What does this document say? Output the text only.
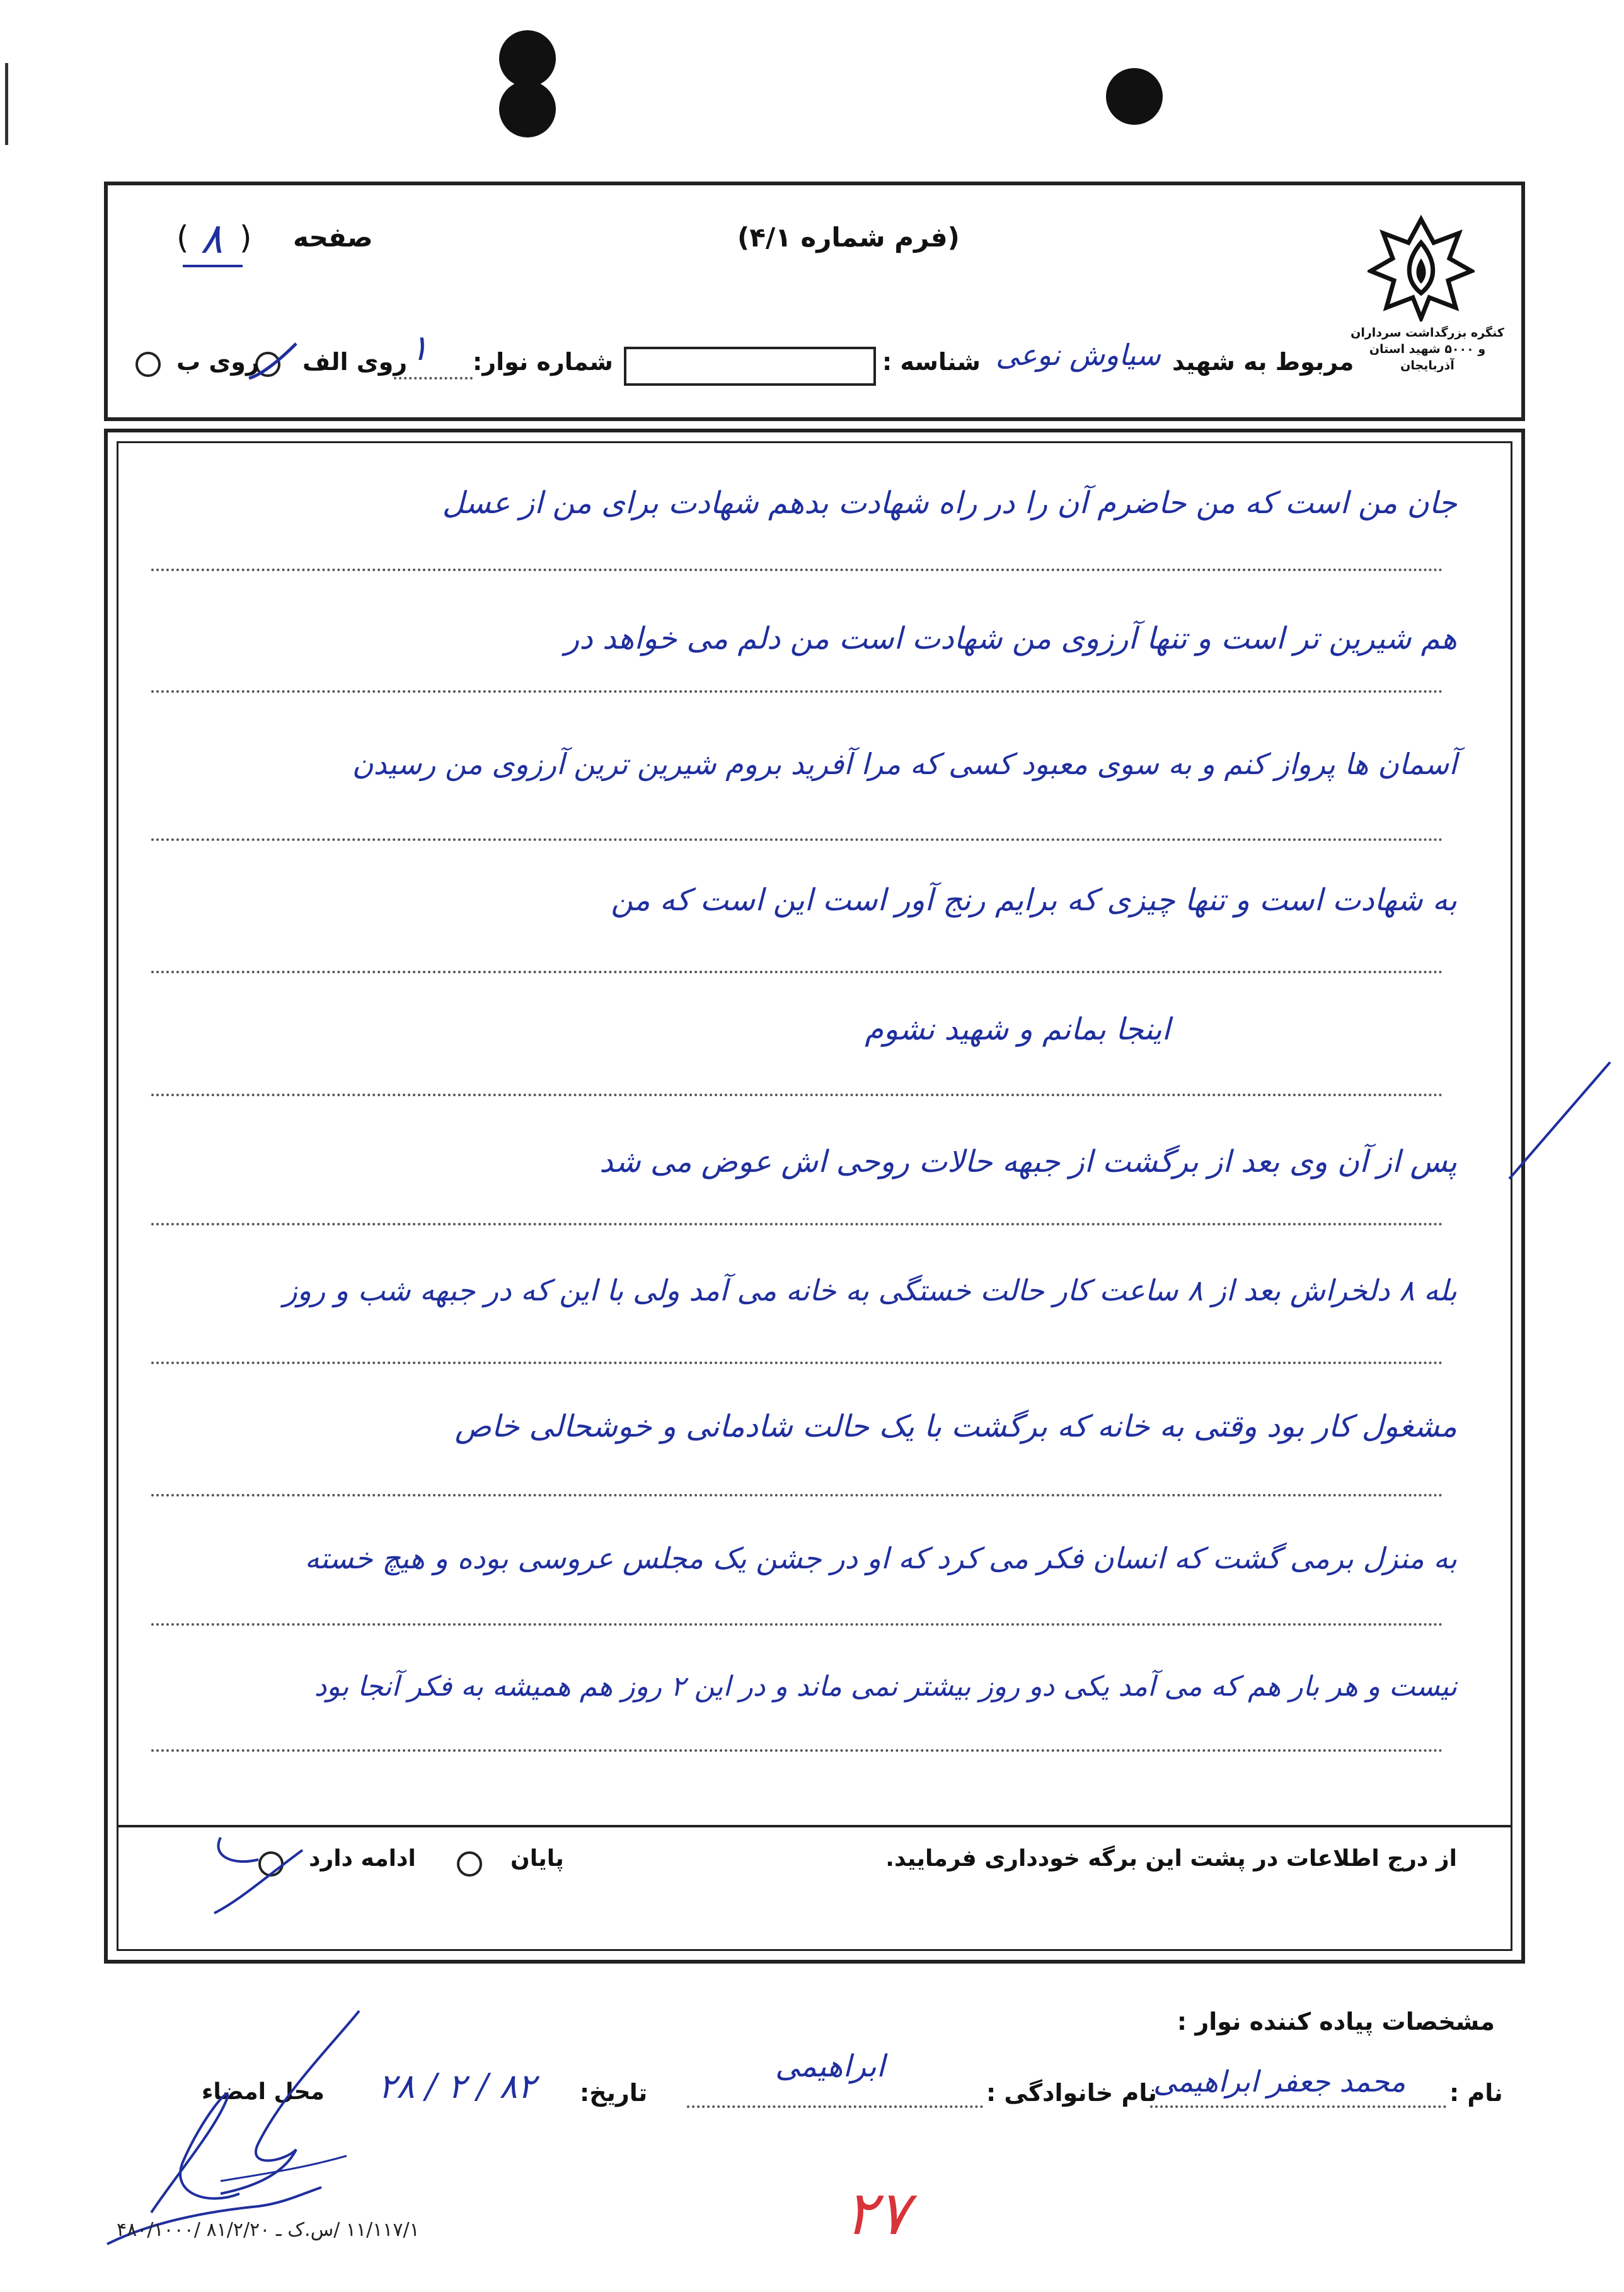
کنگره بزرگداشت سرداران و ۵۰۰۰ شهید استان آذربایجان
(فرم شماره ۴/۱)
صفحه
(
۸
)
مربوط به شهید
سیاوش نوعی
شناسه :
شماره نوار:
۱
روی الف
روی ب
جان من است که من حاضرم آن را در راه شهادت بدهم شهادت برای من از عسل
هم شیرین تر است و تنها آرزوی من شهادت است من دلم می خواهد در
آسمان ها پرواز کنم و به سوی معبود کسی که مرا آفرید بروم شیرین ترین آرزوی من رسیدن
به شهادت است و تنها چیزی که برایم رنج آور است این است که من
اینجا بمانم و شهید نشوم
پس از آن وی بعد از برگشت از جبهه حالات روحی اش عوض می شد
بله ۸ دلخراش بعد از ۸ ساعت کار حالت خستگی به خانه می آمد ولی با این که در جبهه شب و روز
مشغول کار بود وقتی به خانه که برگشت با یک حالت شادمانی و خوشحالی خاص
به منزل برمی گشت که انسان فکر می کرد که او در جشن یک مجلس عروسی بوده و هیچ خسته
نیست و هر بار هم که می آمد یکی دو روز بیشتر نمی ماند و در این ۲ روز هم همیشه به فکر آنجا بود
از درج اطلاعات در پشت این برگه خودداری فرمایید.
پایان
ادامه دارد
مشخصات پیاده کننده نوار :
نام :
محمد جعفر ابراهیمی
نام خانوادگی :
ابراهیمی
تاریخ:
۲۸ / ۲ / ۸۲
محل امضاء
۱۱/۱۱۷/۱ /س.ک ـ ۸۱/۲/۲۰ /۴۸۰/۱۰۰۰	۲۷
